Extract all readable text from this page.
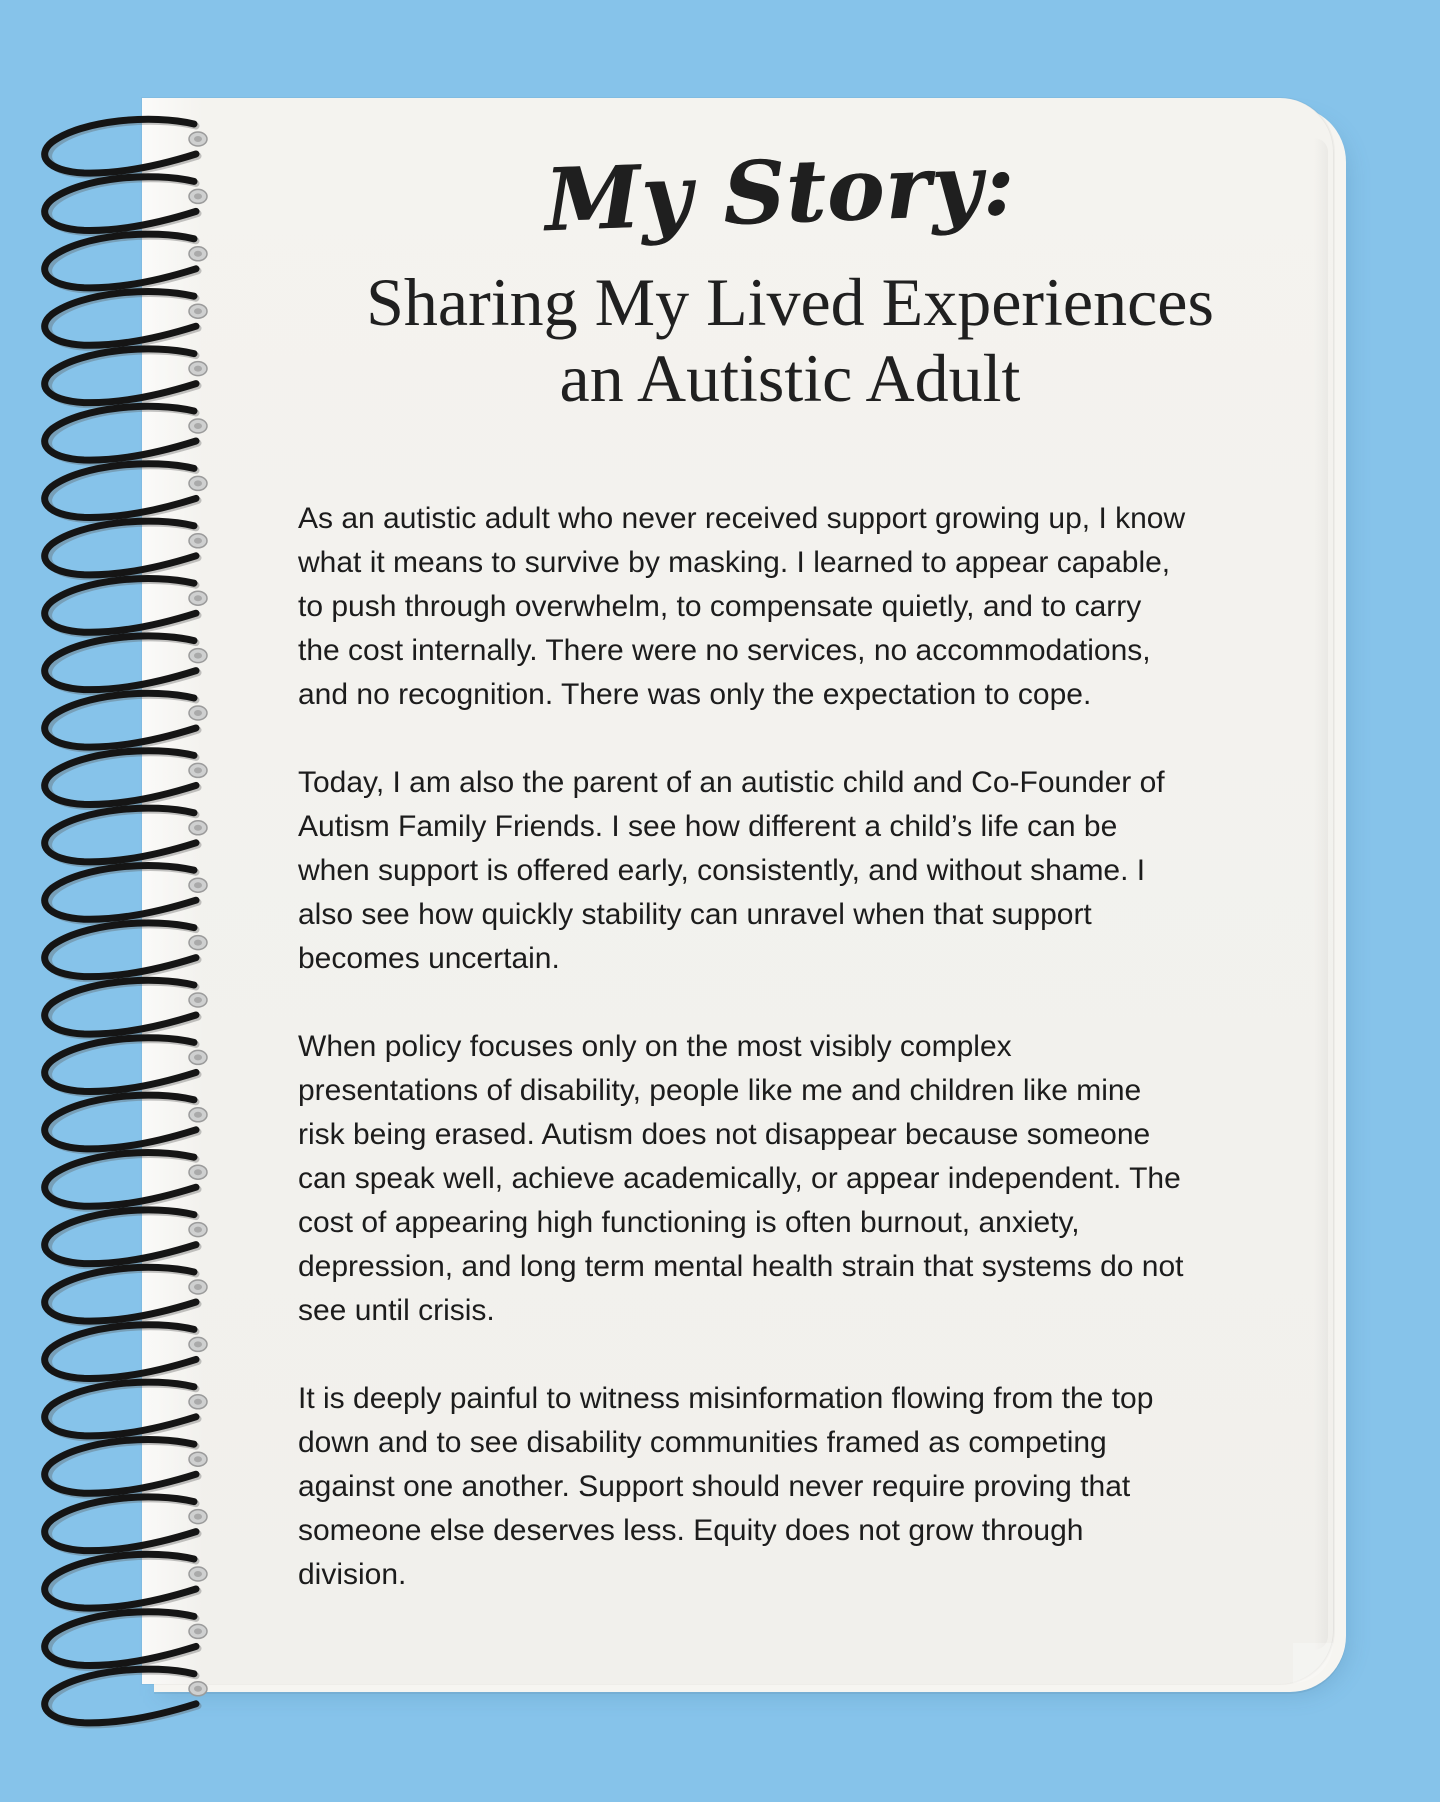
My Story:
Sharing My Lived Experiences
an Autistic Adult

As an autistic adult who never received support growing up, I know
what it means to survive by masking. I learned to appear capable,
to push through overwhelm, to compensate quietly, and to carry
the cost internally. There were no services, no accommodations,
and no recognition. There was only the expectation to cope.

Today, I am also the parent of an autistic child and Co-Founder of
Autism Family Friends. I see how different a child’s life can be
when support is offered early, consistently, and without shame. I
also see how quickly stability can unravel when that support
becomes uncertain.

When policy focuses only on the most visibly complex
presentations of disability, people like me and children like mine
risk being erased. Autism does not disappear because someone
can speak well, achieve academically, or appear independent. The
cost of appearing high functioning is often burnout, anxiety,
depression, and long term mental health strain that systems do not
see until crisis.

It is deeply painful to witness misinformation flowing from the top
down and to see disability communities framed as competing
against one another. Support should never require proving that
someone else deserves less. Equity does not grow through
division.
